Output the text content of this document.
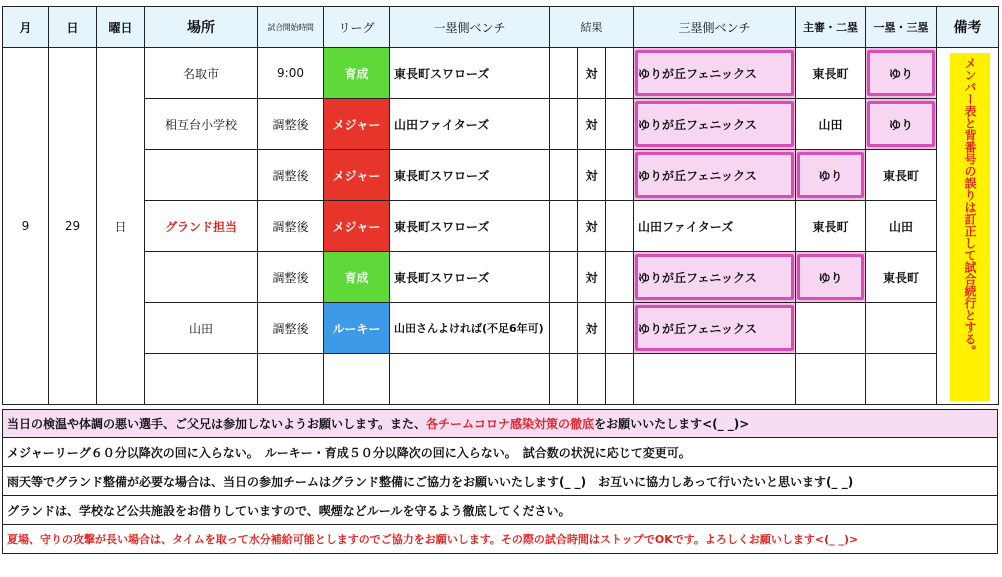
月	日	曜日	場所	試合開始時間	リーグ	一塁側ベンチ	結果			三塁側ベンチ	主審・二塁	一塁・三塁	備考
9	29	日	名取市	9:00	育成	東長町スワローズ		対		ゆりが丘フェニックス	東長町	ゆり	
			相互台小学校	調整後	メジャー	山田ファイターズ		対		ゆりが丘フェニックス	山田	ゆり	
				調整後	メジャー	東長町スワローズ		対		ゆりが丘フェニックス	ゆり	東長町	
			グランド担当	調整後	メジャー	東長町スワローズ		対		山田ファイターズ	東長町	山田	
				調整後	育成	東長町スワローズ		対		ゆりが丘フェニックス	ゆり	東長町	
			山田	調整後	ルーキー	山田さんよければ(不足6年可)		対		ゆりが丘フェニックス			
										メンバー表と背番号の誤りは訂正して試合続行とする。
当日の検温や体調の悪い選手、ご父兄は参加しないようお願いします。また、 各チームコロナ感染対策の徹底 をお願いいたします<(_ _)>
メジャーリーグ６０分以降次の回に入らない。　ルーキー・育成５０分以降次の回に入らない。　試合数の状況に応じて変更可。
雨天等でグランド整備が必要な場合は、当日の参加チームはグランド整備にご協力をお願いいたします(_ _)　お互いに協力しあって行いたいと思います(_ _)
グランドは、学校など公共施設をお借りしていますので、喫煙などルールを守るよう徹底してください。
夏場、守りの攻撃が長い場合は、タイムを取って水分補給可能としますのでご協力をお願いします。その際の試合時間はストップでOKです。よろしくお願いします<(_ _)>
